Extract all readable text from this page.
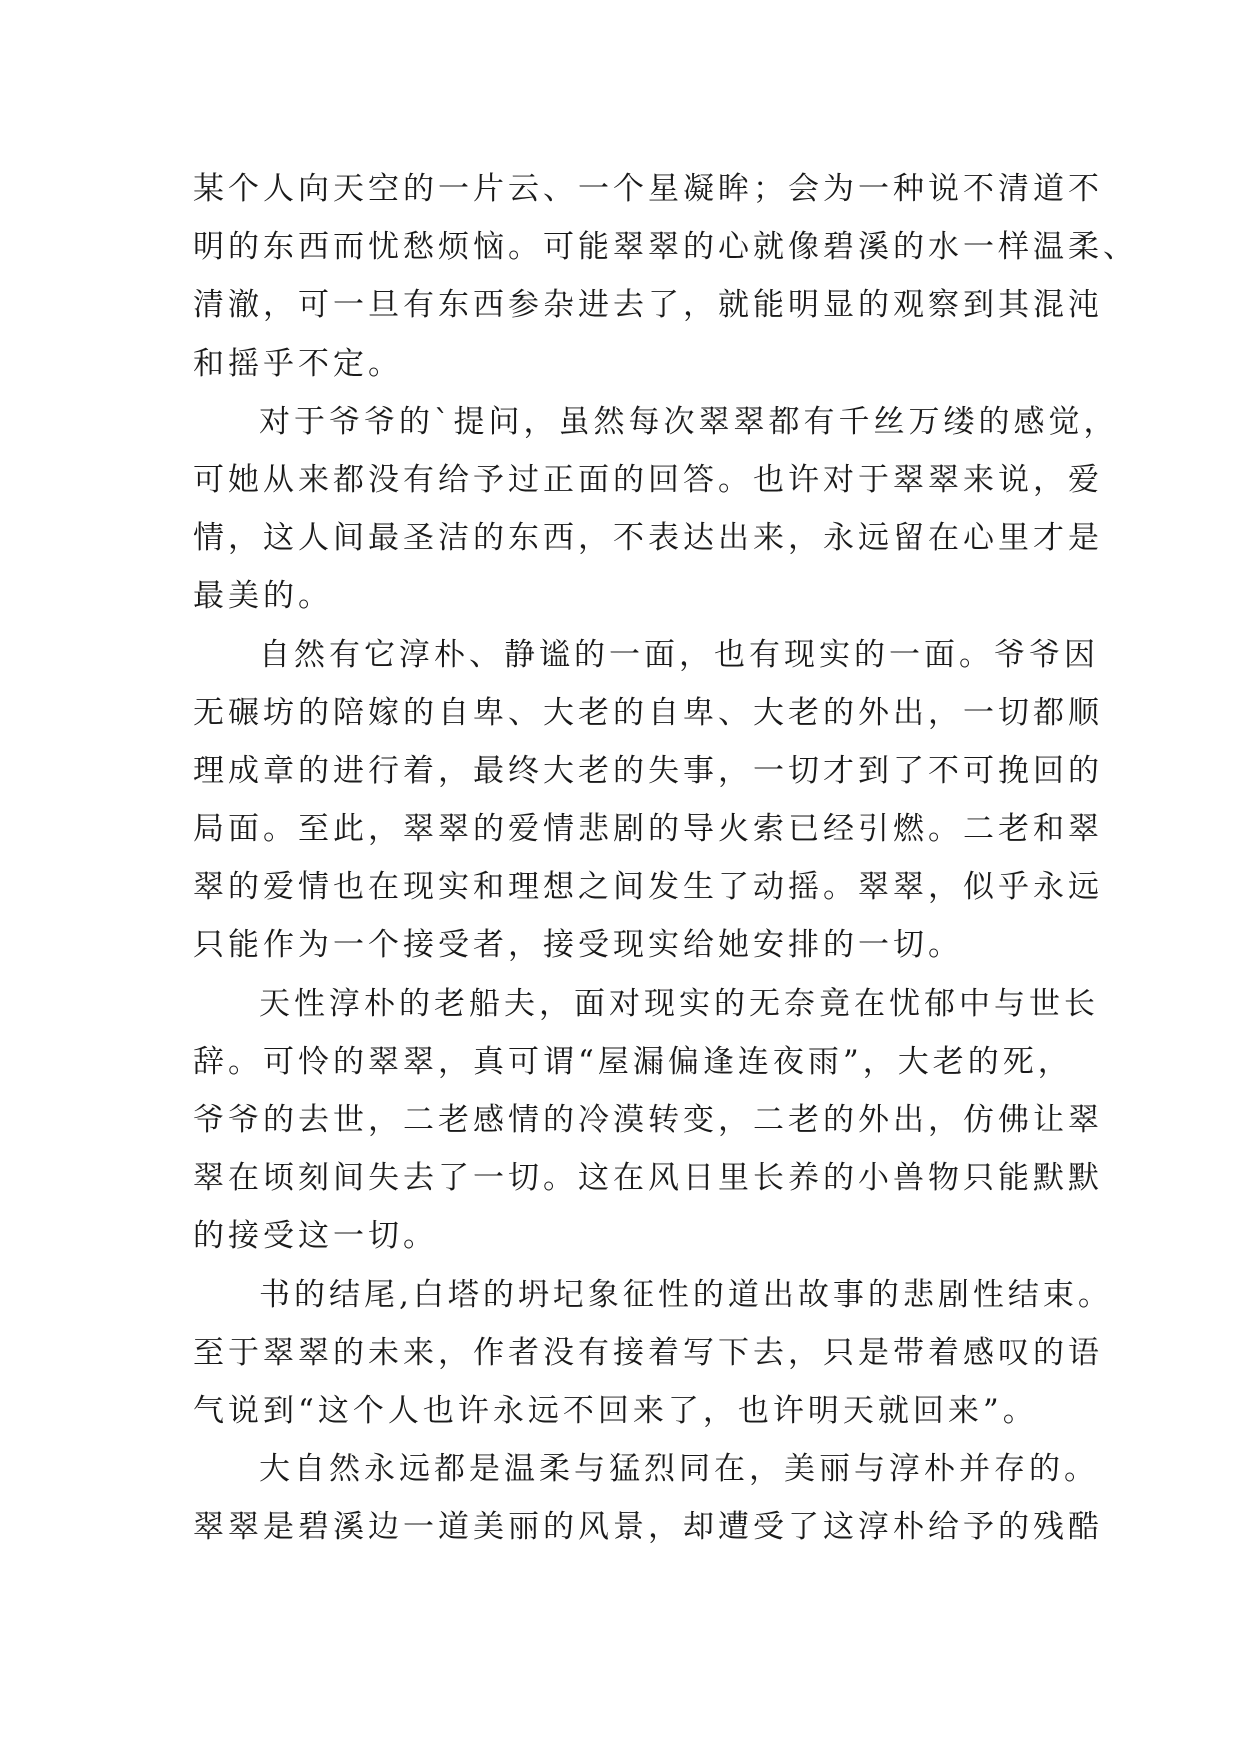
某个人向天空的一片云、一个星凝眸；会为一种说不清道不
明的东西而忧愁烦恼。可能翠翠的心就像碧溪的水一样温柔、
清澈，可一旦有东西参杂进去了，就能明显的观察到其混沌
和摇乎不定。
对于爷爷的`提问，虽然每次翠翠都有千丝万缕的感觉，
可她从来都没有给予过正面的回答。也许对于翠翠来说，爱
情，这人间最圣洁的东西，不表达出来，永远留在心里才是
最美的。
自然有它淳朴、静谧的一面，也有现实的一面。爷爷因
无碾坊的陪嫁的自卑、大老的自卑、大老的外出，一切都顺
理成章的进行着，最终大老的失事，一切才到了不可挽回的
局面。至此，翠翠的爱情悲剧的导火索已经引燃。二老和翠
翠的爱情也在现实和理想之间发生了动摇。翠翠，似乎永远
只能作为一个接受者，接受现实给她安排的一切。
天性淳朴的老船夫，面对现实的无奈竟在忧郁中与世长
辞。可怜的翠翠，真可谓“屋漏偏逢连夜雨”，大老的死，
爷爷的去世，二老感情的冷漠转变，二老的外出，仿佛让翠
翠在顷刻间失去了一切。这在风日里长养的小兽物只能默默
的接受这一切。
书的结尾,白塔的坍圮象征性的道出故事的悲剧性结束。
至于翠翠的未来，作者没有接着写下去，只是带着感叹的语
气说到“这个人也许永远不回来了，也许明天就回来”。
大自然永远都是温柔与猛烈同在，美丽与淳朴并存的。
翠翠是碧溪边一道美丽的风景，却遭受了这淳朴给予的残酷
